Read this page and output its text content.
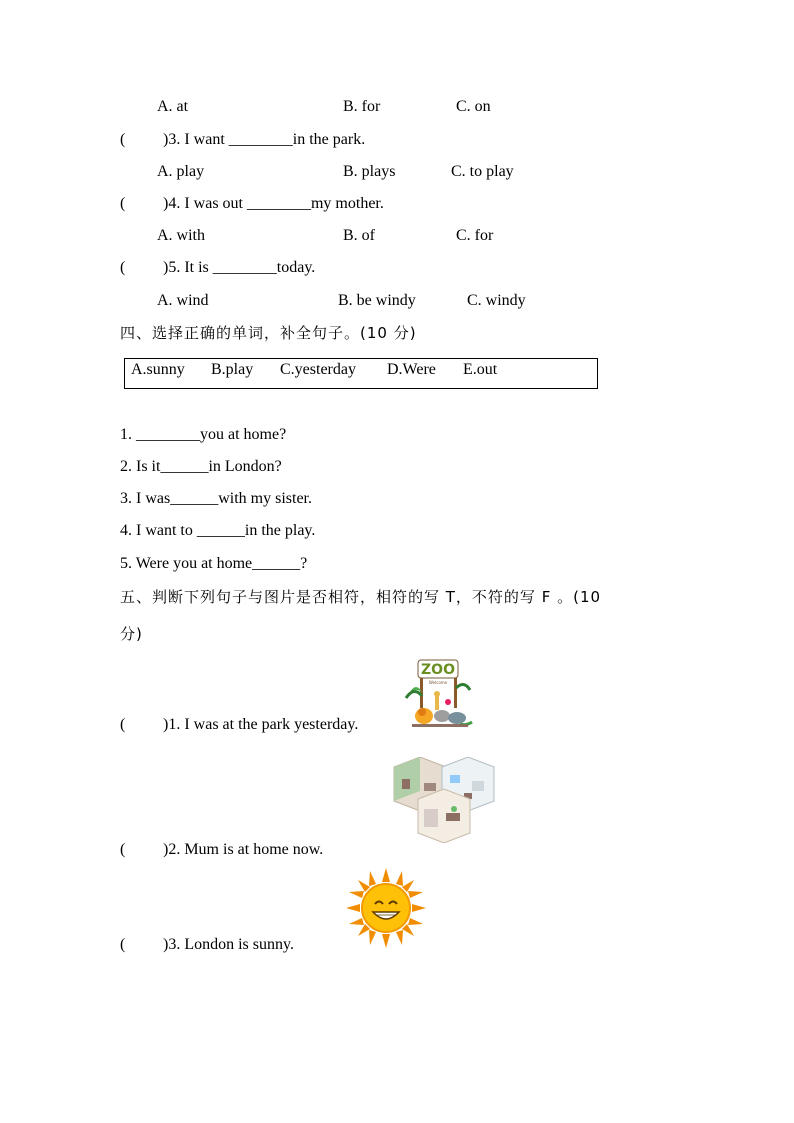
A. at	B. for	C. on
( )3. I want ________in the park.
A. play	B. plays	C. to play
( )4. I was out ________my mother.
A. with	B. of	C. for
( )5. It is ________today.
A. wind	B. be windy	C. windy
四、选择正确的单词，补全句子。(10 分)
A.sunny B.play C.yesterday D.Were E.out
1. ________you at home?
2. Is it______in London?
3. I was______with my sister.
4. I want to ______in the play.
5. Were you at home______?
五、判断下列句子与图片是否相符，相符的写 T，不符的写 F 。(10
分)
( )1. I was at the park yesterday.
( )2. Mum is at home now.
( )3. London is sunny.
ZOO
Welcome
